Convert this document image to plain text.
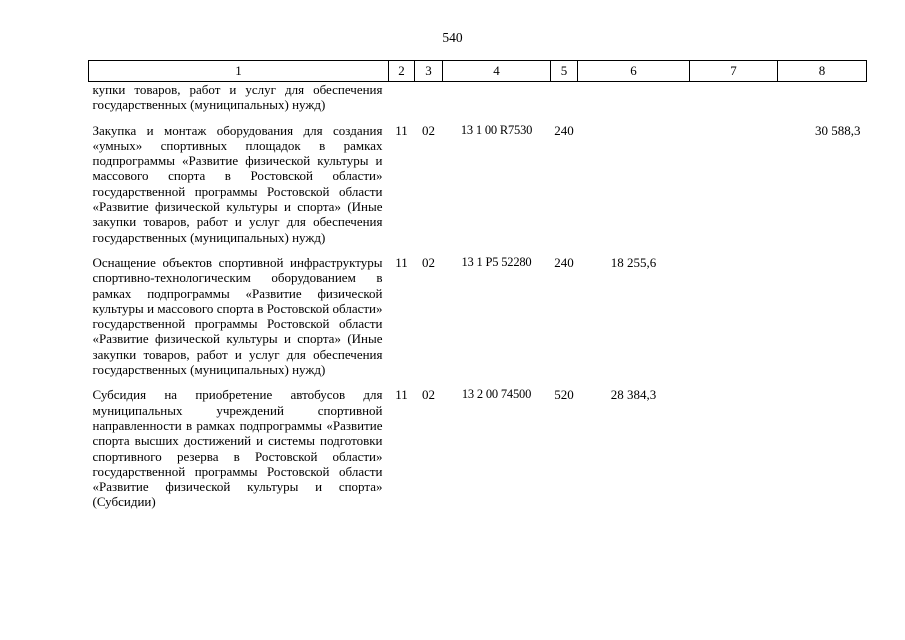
540
1	2	3	4	5	6	7	8
купки товаров, работ и услуг для обеспечения государственных (муниципальных) нужд)							

Закупка и монтаж оборудования для создания «умных» спортивных площадок в рамках подпрограммы «Развитие физической культуры и массового спорта в Ростовской области» государственной программы Ростовской области «Развитие физической культуры и спорта» (Иные закупки товаров, работ и услуг для обеспечения государственных (муниципальных) нужд)	11	02	13 1 00 R7530	240			30 588,3

Оснащение объектов спортивной инфраструктуры спортивно-технологическим оборудованием в рамках подпрограммы «Развитие физической культуры и массового спорта в Ростовской области» государственной программы Ростовской области «Развитие физической культуры и спорта» (Иные закупки товаров, работ и услуг для обеспечения государственных (муниципальных) нужд)	11	02	13 1 P5 52280	240	18 255,6		

Субсидия на приобретение автобусов для муниципальных учреждений спортивной направленности в рамках подпрограммы «Развитие спорта высших достижений и системы подготовки спортивного резерва в Ростовской области» государственной программы Ростовской области «Развитие физической культуры и спорта» (Субсидии)	11	02	13 2 00 74500	520	28 384,3		
